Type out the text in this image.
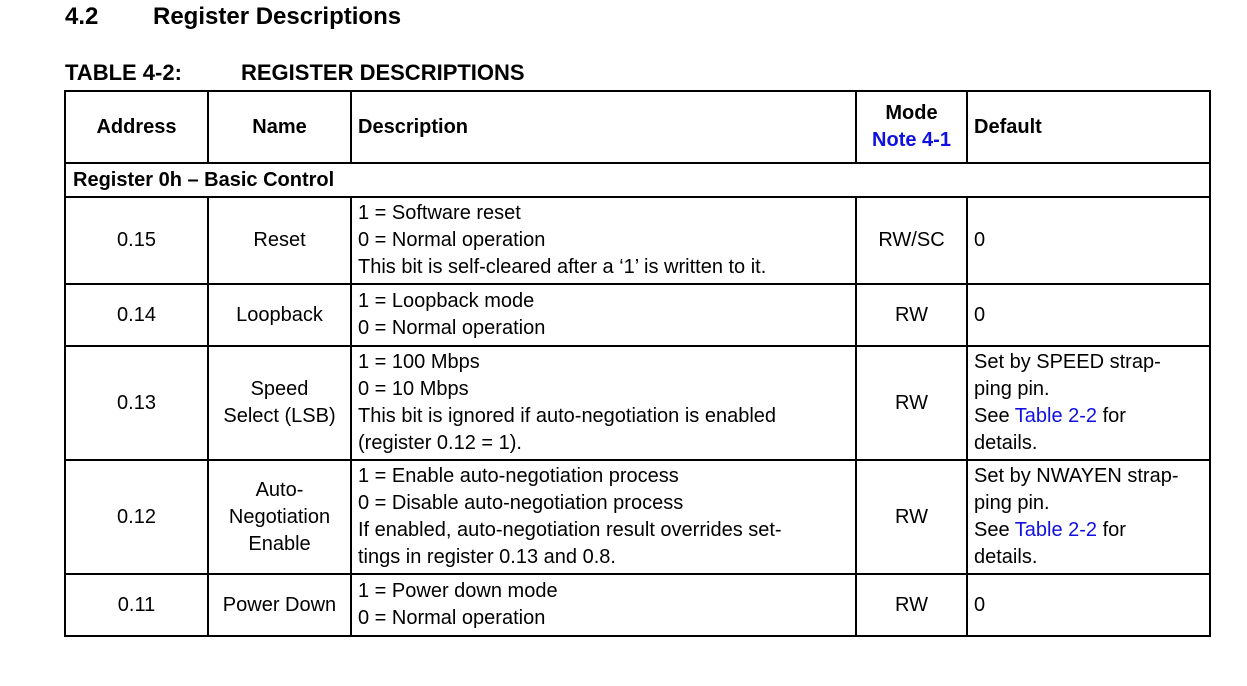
4.2 Register Descriptions
TABLE 4-2:	REGISTER DESCRIPTIONS
Address	Name	Description	Mode
Note 4-1	Default
Register 0h – Basic Control				
0.15	Reset	1 = Software reset
0 = Normal operation
This bit is self-cleared after a ‘1’ is written to it.	RW/SC	0

0.14	Loopback	1 = Loopback mode
0 = Normal operation	RW	0

0.13	Speed
Select (LSB)	1 = 100 Mbps
0 = 10 Mbps
This bit is ignored if auto-negotiation is enabled
(register 0.12 = 1).	RW	Set by SPEED strap-
ping pin.
See Table 2-2 for
details.

0.12	Auto-
Negotiation
Enable	1 = Enable auto-negotiation process
0 = Disable auto-negotiation process
If enabled, auto-negotiation result overrides set-
tings in register 0.13 and 0.8.	RW	Set by NWAYEN strap-
ping pin.
See Table 2-2 for
details.

0.11	Power Down	1 = Power down mode
0 = Normal operation	RW	0
